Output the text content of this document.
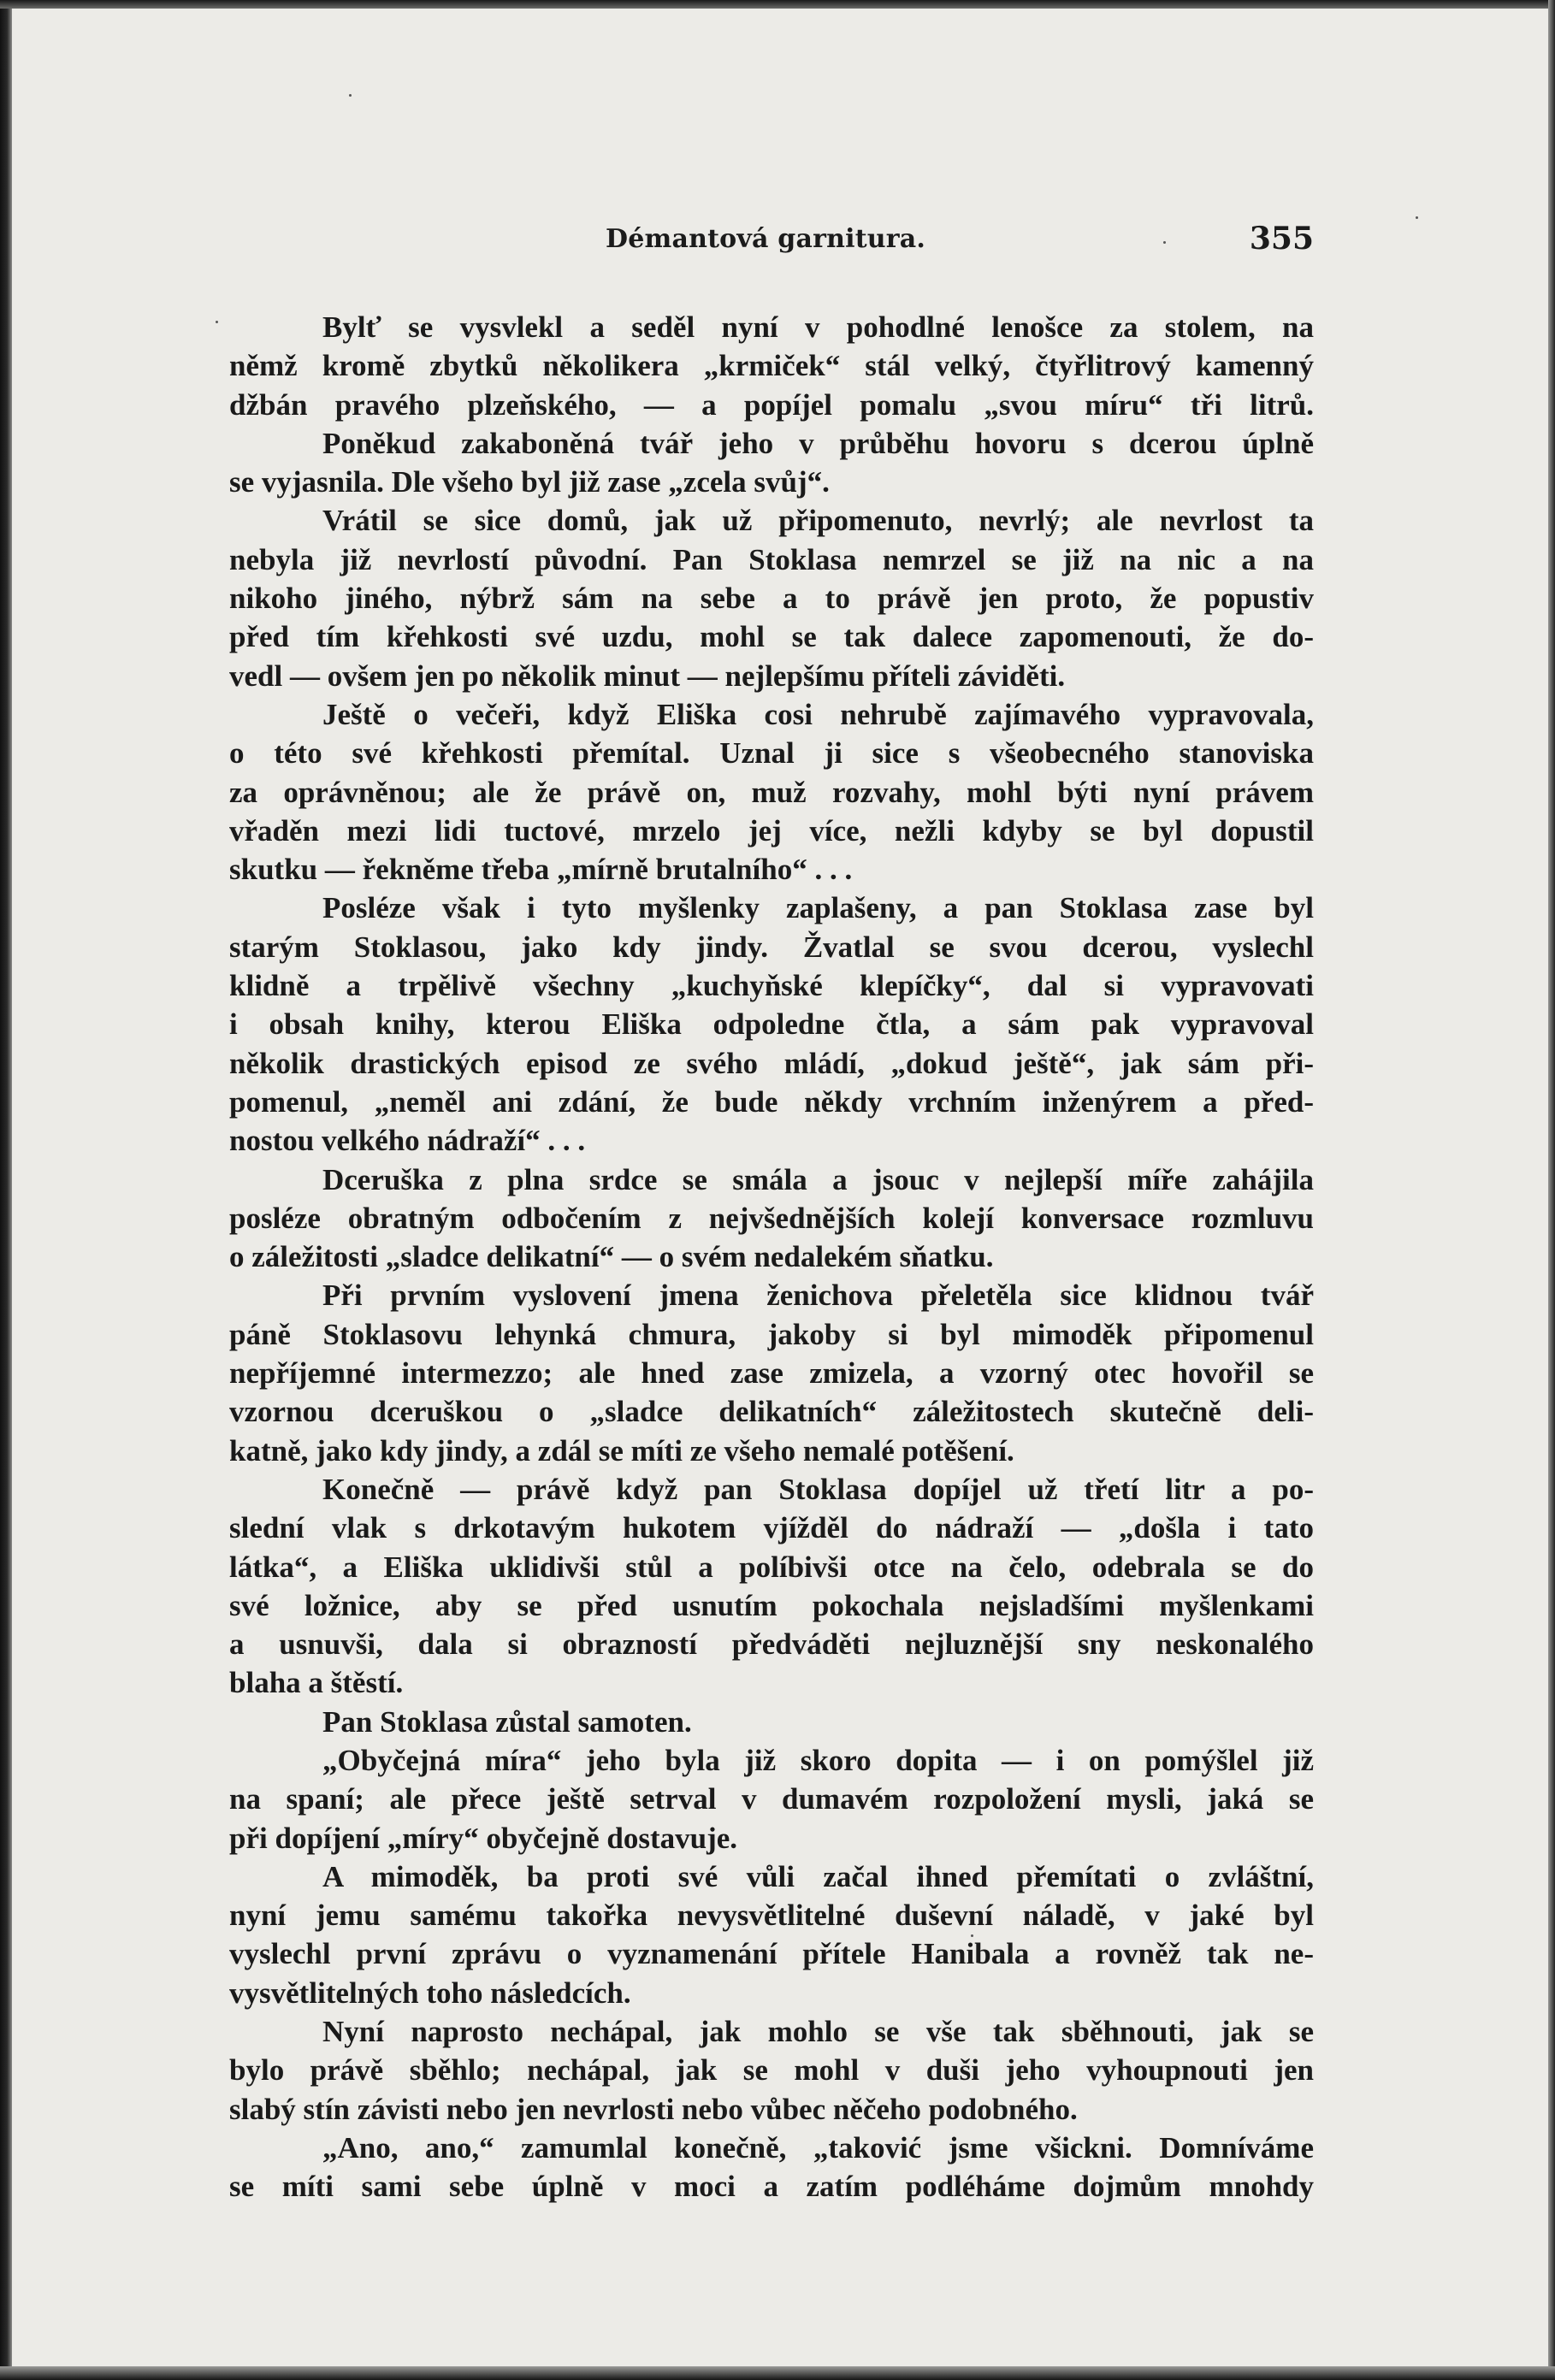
Démantová garnitura.	355
Bylť se vysvlekl a seděl nyní v pohodlné lenošce za stolem, na
němž kromě zbytků několikera „krmiček“ stál velký, čtyřlitrový kamenný
džbán pravého plzeňského, — a popíjel pomalu „svou míru“ tři litrů.
Poněkud zakaboněná tvář jeho v průběhu hovoru s dcerou úplně
se vyjasnila. Dle všeho byl již zase „zcela svůj“.
Vrátil se sice domů, jak už připomenuto, nevrlý; ale nevrlost ta
nebyla již nevrlostí původní. Pan Stoklasa nemrzel se již na nic a na
nikoho jiného, nýbrž sám na sebe a to právě jen proto, že popustiv
před tím křehkosti své uzdu, mohl se tak dalece zapomenouti, že do-
vedl — ovšem jen po několik minut — nejlepšímu příteli záviděti.
Ještě o večeři, když Eliška cosi nehrubě zajímavého vypravovala,
o této své křehkosti přemítal. Uznal ji sice s všeobecného stanoviska
za oprávněnou; ale že právě on, muž rozvahy, mohl býti nyní právem
vřaděn mezi lidi tuctové, mrzelo jej více, nežli kdyby se byl dopustil
skutku — řekněme třeba „mírně brutalního“ . . .
Posléze však i tyto myšlenky zaplašeny, a pan Stoklasa zase byl
starým Stoklasou, jako kdy jindy. Žvatlal se svou dcerou, vyslechl
klidně a trpělivě všechny „kuchyňské klepíčky“, dal si vypravovati
i obsah knihy, kterou Eliška odpoledne čtla, a sám pak vypravoval
několik drastických episod ze svého mládí, „dokud ještě“, jak sám při-
pomenul, „neměl ani zdání, že bude někdy vrchním inženýrem a před-
nostou velkého nádraží“ . . .
Dceruška z plna srdce se smála a jsouc v nejlepší míře zahájila
posléze obratným odbočením z nejvšednějších kolejí konversace rozmluvu
o záležitosti „sladce delikatní“ — o svém nedalekém sňatku.
Při prvním vyslovení jmena ženichova přeletěla sice klidnou tvář
páně Stoklasovu lehynká chmura, jakoby si byl mimoděk připomenul
nepříjemné intermezzo; ale hned zase zmizela, a vzorný otec hovořil se
vzornou dceruškou o „sladce delikatních“ záležitostech skutečně deli-
katně, jako kdy jindy, a zdál se míti ze všeho nemalé potěšení.
Konečně — právě když pan Stoklasa dopíjel už třetí litr a po-
slední vlak s drkotavým hukotem vjížděl do nádraží — „došla i tato
látka“, a Eliška uklidivši stůl a políbivši otce na čelo, odebrala se do
své ložnice, aby se před usnutím pokochala nejsladšími myšlenkami
a usnuvši, dala si obrazností předváděti nejluznější sny neskonalého
blaha a štěstí.
Pan Stoklasa zůstal samoten.
„Obyčejná míra“ jeho byla již skoro dopita — i on pomýšlel již
na spaní; ale přece ještě setrval v dumavém rozpoložení mysli, jaká se
při dopíjení „míry“ obyčejně dostavuje.
A mimoděk, ba proti své vůli začal ihned přemítati o zvláštní,
nyní jemu samému takořka nevysvětlitelné duševní náladě, v jaké byl
vyslechl první zprávu o vyznamenání přítele Hanibala a rovněž tak ne-
vysvětlitelných toho následcích.
Nyní naprosto nechápal, jak mohlo se vše tak sběhnouti, jak se
bylo právě sběhlo; nechápal, jak se mohl v duši jeho vyhoupnouti jen
slabý stín závisti nebo jen nevrlosti nebo vůbec něčeho podobného.
„Ano, ano,“ zamumlal konečně, „taković jsme všickni. Domníváme
se míti sami sebe úplně v moci a zatím podléháme dojmům mnohdy
